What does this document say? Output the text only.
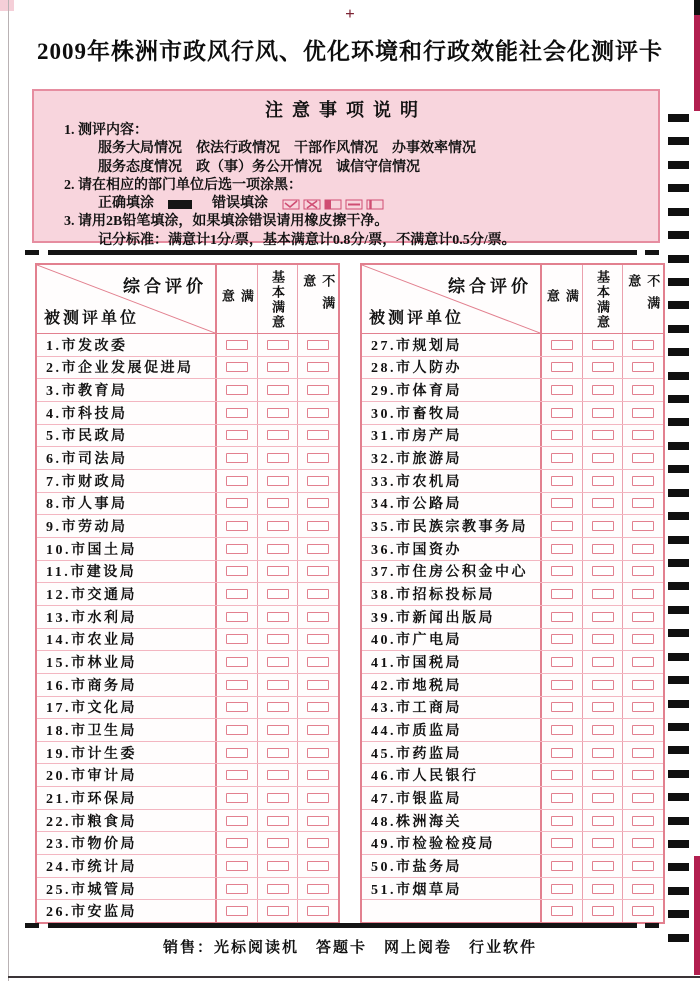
+
2009年株洲市政风行风、优化环境和行政效能社会化测评卡
注意事项说明
1. 测评内容：
服务大局情况　依法行政情况　干部作风情况　办事效率情况
服务态度情况　政（事）务公开情况　诚信守信情况
2. 请在相应的部门单位后选一项涂黑：
正确填涂	错误填涂
3. 请用2B铅笔填涂，如果填涂错误请用橡皮擦干净。
记分标准：满意计1分/票，基本满意计0.8分/票，不满意计0.5分/票。
综合评价
被测评单位	满意	基本满意	不满意
1.市发改委
2.市企业发展促进局
3.市教育局
4.市科技局
5.市民政局
6.市司法局
7.市财政局
8.市人事局
9.市劳动局
10.市国土局
11.市建设局
12.市交通局
13.市水利局
14.市农业局
15.市林业局
16.市商务局
17.市文化局
18.市卫生局
19.市计生委
20.市审计局
21.市环保局
22.市粮食局
23.市物价局
24.市统计局
25.市城管局
26.市安监局
综合评价
被测评单位	满意	基本满意	不满意
27.市规划局
28.市人防办
29.市体育局
30.市畜牧局
31.市房产局
32.市旅游局
33.市农机局
34.市公路局
35.市民族宗教事务局
36.市国资办
37.市住房公积金中心
38.市招标投标局
39.市新闻出版局
40.市广电局
41.市国税局
42.市地税局
43.市工商局
44.市质监局
45.市药监局
46.市人民银行
47.市银监局
48.株洲海关
49.市检验检疫局
50.市盐务局
51.市烟草局
销售：光标阅读机　答题卡　网上阅卷　行业软件
